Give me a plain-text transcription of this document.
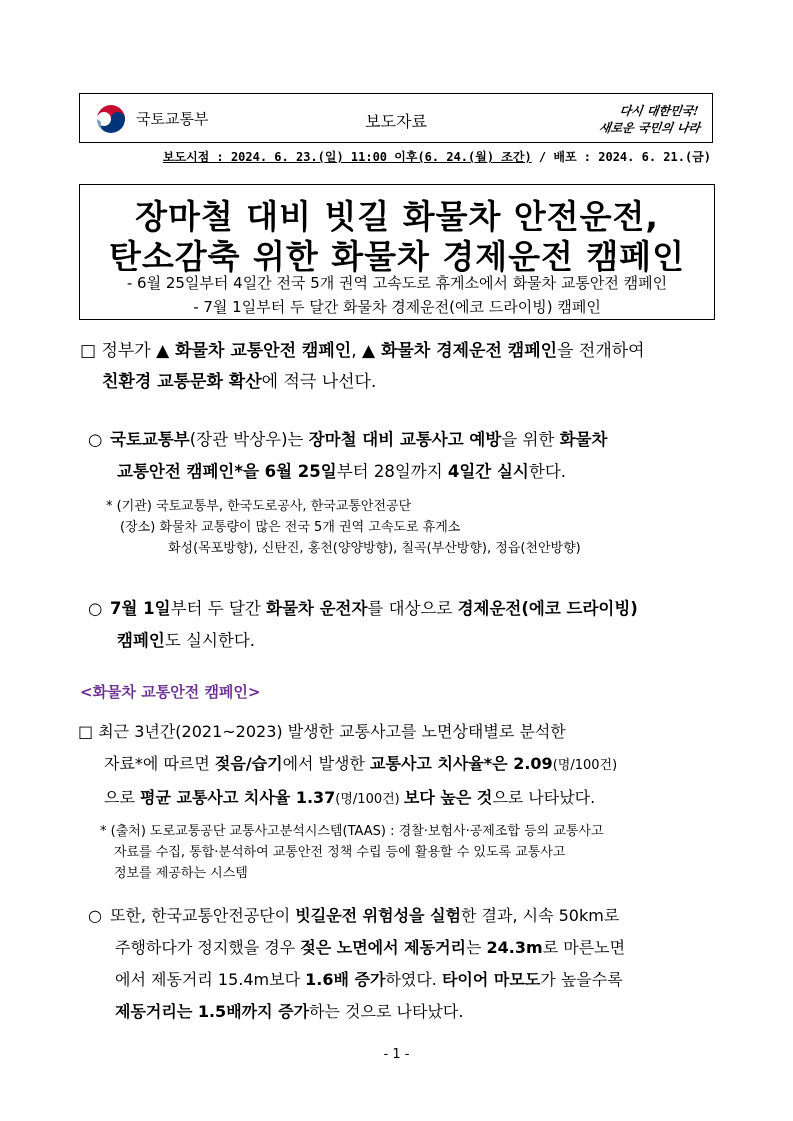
국토교통부	보도자료
다시 대한민국!
새로운 국민의 나라
보도시점 : 2024. 6. 23.(일) 11:00 이후(6. 24.(월) 조간) / 배포 : 2024. 6. 21.(금)
장마철 대비 빗길 화물차 안전운전,
탄소감축 위한 화물차 경제운전 캠페인
- 6월 25일부터 4일간 전국 5개 권역 고속도로 휴게소에서 화물차 교통안전 캠페인
- 7월 1일부터 두 달간 화물차 경제운전(에코 드라이빙) 캠페인
□ 정부가 ▲ 화물차 교통안전 캠페인, ▲ 화물차 경제운전 캠페인을 전개하여
친환경 교통문화 확산에 적극 나선다.
○ 국토교통부(장관 박상우)는 장마철 대비 교통사고 예방을 위한 화물차
교통안전 캠페인*을 6월 25일부터 28일까지 4일간 실시한다.
* (기관) 국토교통부, 한국도로공사, 한국교통안전공단
(장소) 화물차 교통량이 많은 전국 5개 권역 고속도로 휴게소
화성(목포방향), 신탄진, 홍천(양양방향), 칠곡(부산방향), 정읍(천안방향)
○ 7월 1일부터 두 달간 화물차 운전자를 대상으로 경제운전(에코 드라이빙)
캠페인도 실시한다.
<화물차 교통안전 캠페인>
□ 최근 3년간(2021~2023) 발생한 교통사고를 노면상태별로 분석한
자료*에 따르면 젖음/습기에서 발생한 교통사고 치사율*은 2.09(명/100건)
으로 평균 교통사고 치사율 1.37(명/100건) 보다 높은 것으로 나타났다.
* (출처) 도로교통공단 교통사고분석시스템(TAAS) : 경찰·보험사·공제조합 등의 교통사고
자료를 수집, 통합·분석하여 교통안전 정책 수립 등에 활용할 수 있도록 교통사고
정보를 제공하는 시스템
○ 또한, 한국교통안전공단이 빗길운전 위험성을 실험한 결과, 시속 50km로
주행하다가 정지했을 경우 젖은 노면에서 제동거리는 24.3m로 마른노면
에서 제동거리 15.4m보다 1.6배 증가하였다. 타이어 마모도가 높을수록
제동거리는 1.5배까지 증가하는 것으로 나타났다.
- 1 -
